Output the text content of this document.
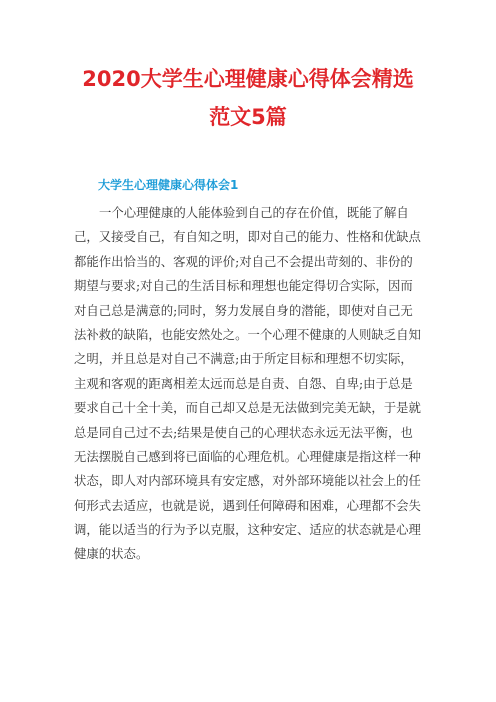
2020大学生心理健康心得体会精选
范文5篇
大学生心理健康心得体会1
一个心理健康的人能体验到自己的存在价值，既能了解自
己，又接受自己，有自知之明，即对自己的能力、性格和优缺点
都能作出恰当的、客观的评价;对自己不会提出苛刻的、非份的
期望与要求;对自己的生活目标和理想也能定得切合实际，因而
对自己总是满意的;同时，努力发展自身的潜能，即使对自己无
法补救的缺陷，也能安然处之。一个心理不健康的人则缺乏自知
之明，并且总是对自己不满意;由于所定目标和理想不切实际，
主观和客观的距离相差太远而总是自责、自怨、自卑;由于总是
要求自己十全十美，而自己却又总是无法做到完美无缺，于是就
总是同自己过不去;结果是使自己的心理状态永远无法平衡，也
无法摆脱自己感到将已面临的心理危机。心理健康是指这样一种
状态，即人对内部环境具有安定感，对外部环境能以社会上的任
何形式去适应，也就是说，遇到任何障碍和困难，心理都不会失
调，能以适当的行为予以克服，这种安定、适应的状态就是心理
健康的状态。
